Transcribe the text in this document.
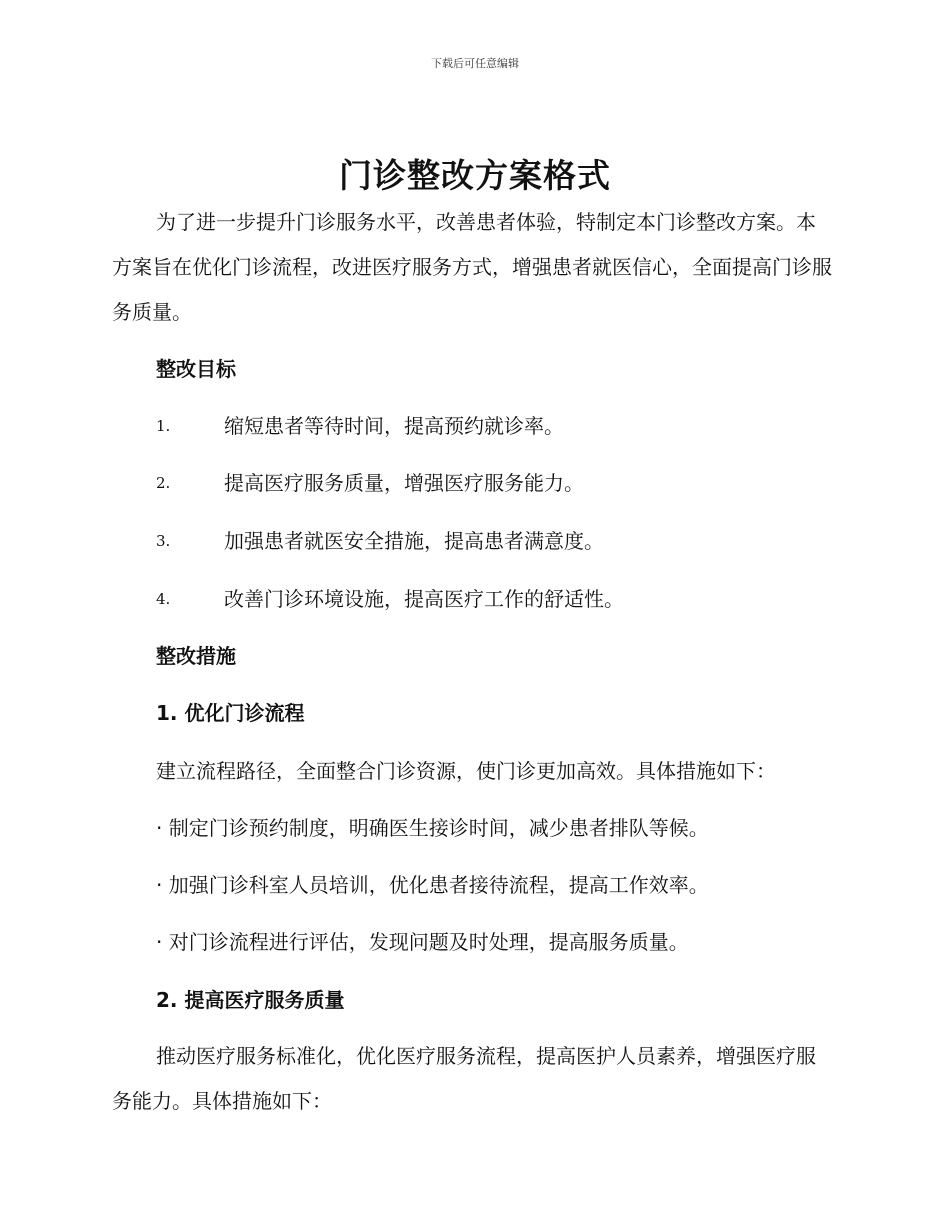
下载后可任意编辑
门诊整改方案格式

为了进一步提升门诊服务水平，改善患者体验，特制定本门诊整改方案。本方案旨在优化门诊流程，改进医疗服务方式，增强患者就医信心，全面提高门诊服务质量。

整改目标
1.	缩短患者等待时间，提高预约就诊率。
2.	提高医疗服务质量，增强医疗服务能力。
3.	加强患者就医安全措施，提高患者满意度。
4.	改善门诊环境设施，提高医疗工作的舒适性。
整改措施
1. 优化门诊流程
建立流程路径，全面整合门诊资源，使门诊更加高效。具体措施如下：
· 制定门诊预约制度，明确医生接诊时间，减少患者排队等候。
· 加强门诊科室人员培训，优化患者接待流程，提高工作效率。
· 对门诊流程进行评估，发现问题及时处理，提高服务质量。
2. 提高医疗服务质量

推动医疗服务标准化，优化医疗服务流程，提高医护人员素养，增强医疗服务能力。具体措施如下：
